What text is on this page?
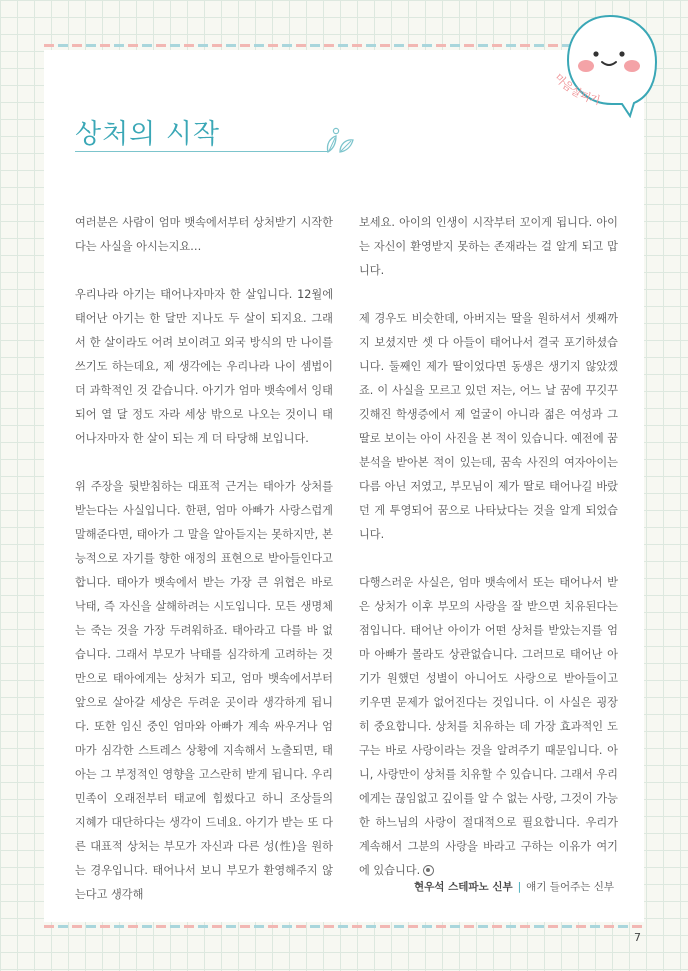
마음살피기
상처의 시작

여러분은 사람이 엄마 뱃속에서부터 상처받기 시작한다는 사실을 아시는지요…

우리나라 아기는 태어나자마자 한 살입니다. 12월에 태어난 아기는 한 달만 지나도 두 살이 되지요. 그래서 한 살이라도 어려 보이려고 외국 방식의 만 나이를 쓰기도 하는데요, 제 생각에는 우리나라 나이 셈법이 더 과학적인 것 같습니다. 아기가 엄마 뱃속에서 잉태되어 열 달 정도 자라 세상 밖으로 나오는 것이니 태어나자마자 한 살이 되는 게 더 타당해 보입니다.

위 주장을 뒷받침하는 대표적 근거는 태아가 상처를 받는다는 사실입니다. 한편, 엄마 아빠가 사랑스럽게 말해준다면, 태아가 그 말을 알아듣지는 못하지만, 본능적으로 자기를 향한 애정의 표현으로 받아들인다고 합니다. 태아가 뱃속에서 받는 가장 큰 위협은 바로 낙태, 즉 자신을 살해하려는 시도입니다. 모든 생명체는 죽는 것을 가장 두려워하죠. 태아라고 다를 바 없습니다. 그래서 부모가 낙태를 심각하게 고려하는 것만으로 태아에게는 상처가 되고, 엄마 뱃속에서부터 앞으로 살아갈 세상은 두려운 곳이라 생각하게 됩니다. 또한 임신 중인 엄마와 아빠가 계속 싸우거나 엄마가 심각한 스트레스 상황에 지속해서 노출되면, 태아는 그 부정적인 영향을 고스란히 받게 됩니다. 우리 민족이 오래전부터 태교에 힘썼다고 하니 조상들의 지혜가 대단하다는 생각이 드네요. 아기가 받는 또 다른 대표적 상처는 부모가 자신과 다른 성(性)을 원하는 경우입니다. 태어나서 보니 부모가 환영해주지 않는다고 생각해

보세요. 아이의 인생이 시작부터 꼬이게 됩니다. 아이는 자신이 환영받지 못하는 존재라는 걸 알게 되고 맙니다.

제 경우도 비슷한데, 아버지는 딸을 원하셔서 셋째까지 보셨지만 셋 다 아들이 태어나서 결국 포기하셨습니다. 둘째인 제가 딸이었다면 동생은 생기지 않았겠죠. 이 사실을 모르고 있던 저는, 어느 날 꿈에 꾸깃꾸깃해진 학생증에서 제 얼굴이 아니라 젊은 여성과 그 딸로 보이는 아이 사진을 본 적이 있습니다. 예전에 꿈 분석을 받아본 적이 있는데, 꿈속 사진의 여자아이는 다름 아닌 저였고, 부모님이 제가 딸로 태어나길 바랐던 게 투영되어 꿈으로 나타났다는 것을 알게 되었습니다.

다행스러운 사실은, 엄마 뱃속에서 또는 태어나서 받은 상처가 이후 부모의 사랑을 잘 받으면 치유된다는 점입니다. 태어난 아이가 어떤 상처를 받았는지를 엄마 아빠가 몰라도 상관없습니다. 그러므로 태어난 아기가 원했던 성별이 아니어도 사랑으로 받아들이고 키우면 문제가 없어진다는 것입니다. 이 사실은 굉장히 중요합니다. 상처를 치유하는 데 가장 효과적인 도구는 바로 사랑이라는 것을 알려주기 때문입니다. 아니, 사랑만이 상처를 치유할 수 있습니다. 그래서 우리에게는 끊임없고 깊이를 알 수 없는 사랑, 그것이 가능한 하느님의 사랑이 절대적으로 필요합니다. 우리가 계속해서 그분의 사랑을 바라고 구하는 이유가 여기에 있습니다.

현우석 스테파노 신부 | 얘기 들어주는 신부
7
